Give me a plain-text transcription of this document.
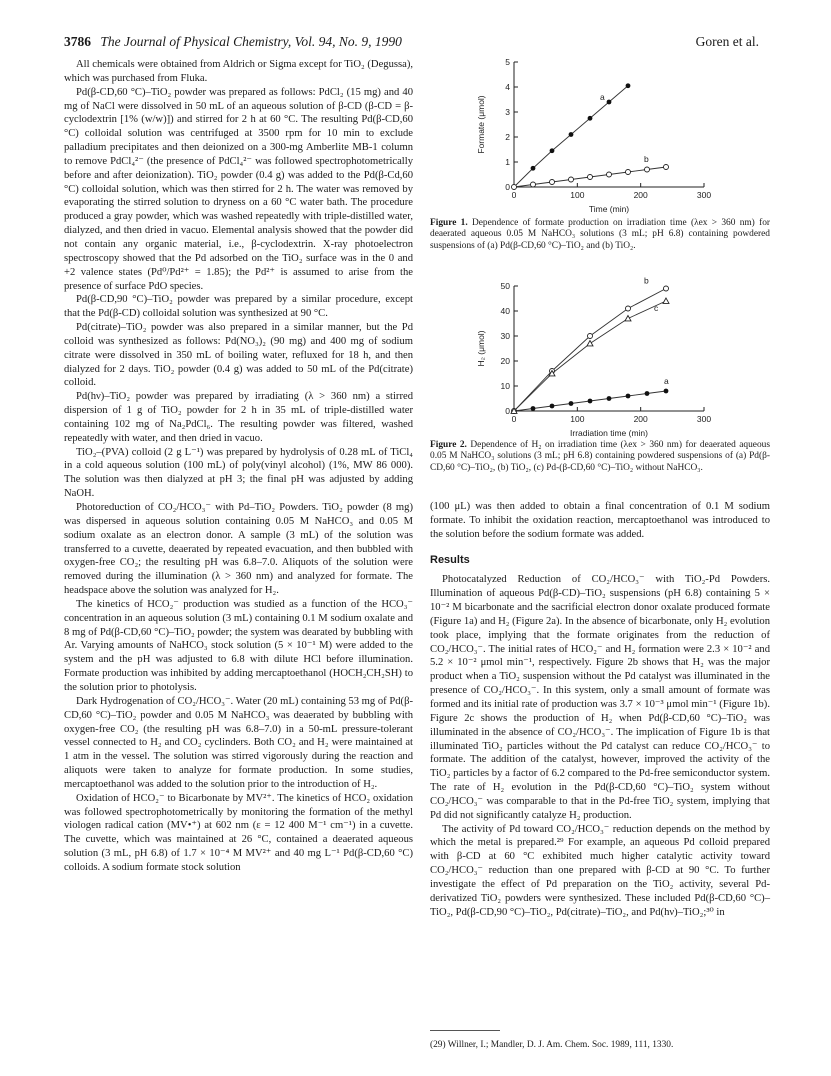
3786 The Journal of Physical Chemistry, Vol. 94, No. 9, 1990	Goren et al.

All chemicals were obtained from Aldrich or Sigma except for TiO₂ (Degussa), which was purchased from Fluka.

Pd(β-CD,60 °C)–TiO₂ powder was prepared as follows: PdCl₂ (15 mg) and 40 mg of NaCl were dissolved in 50 mL of an aqueous solution of β-CD (β-CD = β-cyclodextrin [1% (w/w)]) and stirred for 2 h at 60 °C. The resulting Pd(β-CD,60 °C) colloidal solution was centrifuged at 3500 rpm for 10 min to exclude palladium precipitates and then deionized on a 300-mg Amberlite MB-1 column to remove PdCl₄²⁻ (the presence of PdCl₄²⁻ was followed spectrophotometrically before and after deionization). TiO₂ powder (0.4 g) was added to the Pd(β-Cd,60 °C) colloidal solution, which was then stirred for 2 h. The water was removed by evaporating the stirred solution to dryness on a 60 °C water bath. The procedure produced a gray powder, which was washed repeatedly with triple-distilled water, dialyzed, and then dried in vacuo. Elemental analysis showed that the powder did not contain any organic material, i.e., β-cyclodextrin. X-ray photoelectron spectroscopy showed that the Pd adsorbed on the TiO₂ surface was in the 0 and +2 valence states (Pd⁰/Pd²⁺ = 1.85); the Pd²⁺ is assumed to arise from the presence of surface PdO species.

Pd(β-CD,90 °C)–TiO₂ powder was prepared by a similar procedure, except that the Pd(β-CD) colloidal solution was synthesized at 90 °C.

Pd(citrate)–TiO₂ powder was also prepared in a similar manner, but the Pd colloid was synthesized as follows: Pd(NO₃)₂ (90 mg) and 400 mg of sodium citrate were dissolved in 350 mL of boiling water, refluxed for 18 h, and then dialyzed for 2 days. TiO₂ powder (0.4 g) was added to 50 mL of the Pd(citrate) colloid.

Pd(hν)–TiO₂ powder was prepared by irradiating (λ > 360 nm) a stirred dispersion of 1 g of TiO₂ powder for 2 h in 35 mL of triple-distilled water containing 102 mg of Na₂PdCl₆. The resulting powder was filtered, washed repeatedly with water, and then dried in vacuo.

TiO₂–(PVA) colloid (2 g L⁻¹) was prepared by hydrolysis of 0.28 mL of TiCl₄ in a cold aqueous solution (100 mL) of poly(vinyl alcohol) (1%, MW 86 000). The solution was then dialyzed at pH 3; the final pH was adjusted by adding NaOH.

Photoreduction of CO₂/HCO₃⁻ with Pd–TiO₂ Powders. TiO₂ powder (8 mg) was dispersed in aqueous solution containing 0.05 M NaHCO₃ and 0.05 M sodium oxalate as an electron donor. A sample (3 mL) of the solution was transferred to a cuvette, deaerated by repeated evacuation, and then bubbled with oxygen-free CO₂; the resulting pH was 6.8–7.0. Aliquots of the solution were removed during the illumination (λ > 360 nm) and analyzed for formate. The headspace above the solution was analyzed for H₂.

The kinetics of HCO₂⁻ production was studied as a function of the HCO₃⁻ concentration in an aqueous solution (3 mL) containing 0.1 M sodium oxalate and 8 mg of Pd(β-CD,60 °C)–TiO₂ powder; the system was dearated by bubbling with Ar. Varying amounts of NaHCO₃ stock solution (5 × 10⁻¹ M) were added to the system and the pH was adjusted to 6.8 with dilute HCl before illumination. Formate production was inhibited by adding mercaptoethanol (HOCH₂CH₂SH) to the solution prior to photolysis.

Dark Hydrogenation of CO₂/HCO₃⁻. Water (20 mL) containing 53 mg of Pd(β-CD,60 °C)–TiO₂ powder and 0.05 M NaHCO₃ was deaerated by bubbling with oxygen-free CO₂ (the resulting pH was 6.8–7.0) in a 50-mL pressure-tolerant vessel connected to H₂ and CO₂ cyclinders. Both CO₂ and H₂ were maintained at 1 atm in the vessel. The solution was stirred vigorously during the reaction and aliquots were taken to analyze for formate production. In some studies, mercaptoethanol was added to the solution prior to the introduction of H₂.

Oxidation of HCO₂⁻ to Bicarbonate by MV²⁺. The kinetics of HCO₂ oxidation was followed spectrophotometrically by monitoring the formation of the methyl viologen radical cation (MV•⁺) at 602 nm (ε = 12 400 M⁻¹ cm⁻¹) in a cuvette. The cuvette, which was maintained at 26 °C, contained a deaerated aqueous solution (3 mL, pH 6.8) of 1.7 × 10⁻⁴ M MV²⁺ and 40 mg L⁻¹ Pd(β-CD,60 °C) colloids. A sodium formate stock solution

0
1
2
3
4
5
0	100	200	300
Time (min)
Formate (μmol)	a
b
Figure 1. Dependence of formate production on irradiation time (λex > 360 nm) for deaerated aqueous 0.05 M NaHCO₃ solutions (3 mL; pH 6.8) containing powdered suspensions of (a) Pd(β-CD,60 °C)–TiO₂ and (b) TiO₂.
0
10
20
30
40
50
0	100	200	300
Irradiation time (min)
H₂ (μmol)
a
b
c
Figure 2. Dependence of H₂ on irradiation time (λex > 360 nm) for deaerated aqueous 0.05 M NaHCO₃ solutions (3 mL; pH 6.8) containing powdered suspensions of (a) Pd(β-CD,60 °C)–TiO₂, (b) TiO₂, (c) Pd-(β-CD,60 °C)–TiO₂ without NaHCO₃.

(100 μL) was then added to obtain a final concentration of 0.1 M sodium formate. To inhibit the oxidation reaction, mercaptoethanol was introduced to the solution before the sodium formate was added.

Results

Photocatalyzed Reduction of CO₂/HCO₃⁻ with TiO₂-Pd Powders. Illumination of aqueous Pd(β-CD)–TiO₂ suspensions (pH 6.8) containing 5 × 10⁻² M bicarbonate and the sacrificial electron donor oxalate produced formate (Figure 1a) and H₂ (Figure 2a). In the absence of bicarbonate, only H₂ evolution took place, implying that the formate originates from the reduction of CO₂/HCO₃⁻. The initial rates of HCO₂⁻ and H₂ formation were 2.3 × 10⁻² and 5.2 × 10⁻² μmol min⁻¹, respectively. Figure 2b shows that H₂ was the major product when a TiO₂ suspension without the Pd catalyst was illuminated in the presence of CO₂/HCO₃⁻. In this system, only a small amount of formate was formed and its initial rate of production was 3.7 × 10⁻³ μmol min⁻¹ (Figure 1b). Figure 2c shows the production of H₂ when Pd(β-CD,60 °C)–TiO₂ was illuminated in the absence of CO₂/HCO₃⁻. The implication of Figure 1b is that illuminated TiO₂ particles without the Pd catalyst can reduce CO₂/HCO₃⁻ to formate. The addition of the catalyst, however, improved the activity of the TiO₂ particles by a factor of 6.2 compared to the Pd-free semiconductor system. The rate of H₂ evolution in the Pd(β-CD,60 °C)–TiO₂ system without CO₂/HCO₃⁻ was comparable to that in the Pd-free TiO₂ system, implying that Pd did not significantly catalyze H₂ production.

The activity of Pd toward CO₂/HCO₃⁻ reduction depends on the method by which the metal is prepared.²⁹ For example, an aqueous Pd colloid prepared with β-CD at 60 °C exhibited much higher catalytic activity toward CO₂/HCO₃⁻ reduction than one prepared with β-CD at 90 °C. To further investigate the effect of Pd preparation on the TiO₂ activity, several Pd-derivatized TiO₂ powders were synthesized. These included Pd(β-CD,60 °C)–TiO₂, Pd(β-CD,90 °C)–TiO₂, Pd(citrate)–TiO₂, and Pd(hν)–TiO₂;³⁰ in

(29) Willner, I.; Mandler, D. J. Am. Chem. Soc. 1989, 111, 1330.
